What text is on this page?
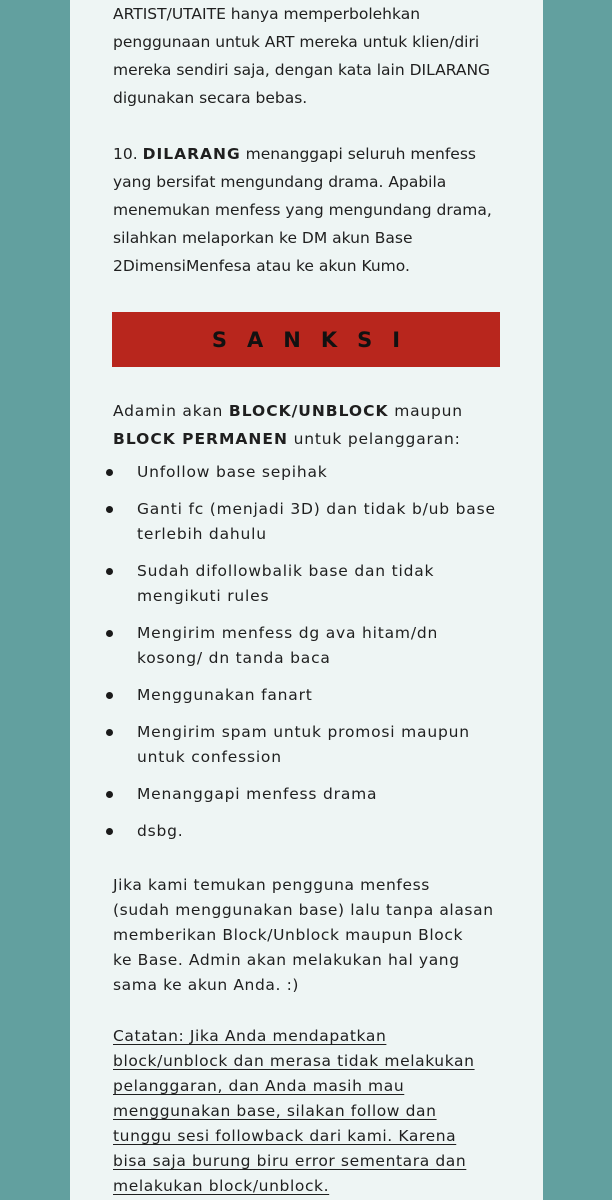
ARTIST/UTAITE hanya memperbolehkan
penggunaan untuk ART mereka untuk klien/diri
mereka sendiri saja, dengan kata lain DILARANG
digunakan secara bebas.
10. DILARANG menanggapi seluruh menfess
yang bersifat mengundang drama. Apabila
menemukan menfess yang mengundang drama,
silahkan melaporkan ke DM akun Base
2DimensiMenfesa atau ke akun Kumo.
SANKSI
Adamin akan BLOCK/UNBLOCK maupun
BLOCK PERMANEN untuk pelanggaran:
Unfollow base sepihak
Ganti fc (menjadi 3D) dan tidak b/ub base terlebih dahulu
Sudah difollowbalik base dan tidak mengikuti rules
Mengirim menfess dg ava hitam/dn kosong/ dn tanda baca
Menggunakan fanart
Mengirim spam untuk promosi maupun untuk confession
Menanggapi menfess drama
dsbg.
Jika kami temukan pengguna menfess
(sudah menggunakan base) lalu tanpa alasan
memberikan Block/Unblock maupun Block
ke Base. Admin akan melakukan hal yang
sama ke akun Anda. :)
Catatan: Jika Anda mendapatkan
block/unblock dan merasa tidak melakukan
pelanggaran, dan Anda masih mau
menggunakan base, silakan follow dan
tunggu sesi followback dari kami. Karena
bisa saja burung biru error sementara dan
melakukan block/unblock.
